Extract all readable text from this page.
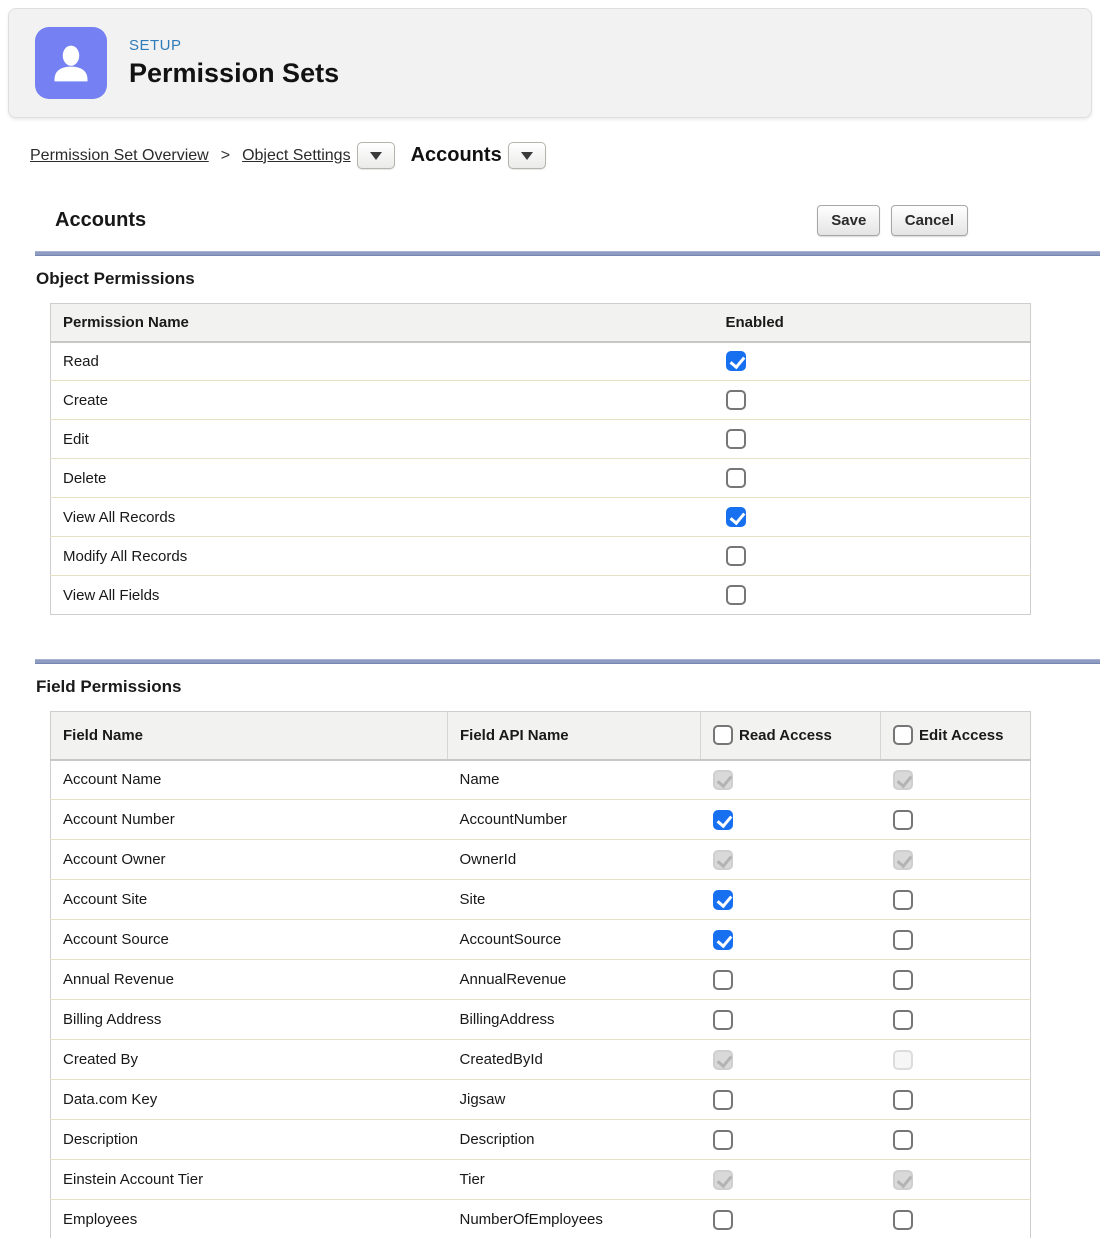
SETUP
Permission Sets
Permission Set Overview > Object Settings	Accounts
Accounts	Save	Cancel
Object Permissions
Permission Name	Enabled
Read	
Create	
Edit	
Delete	
View All Records	
Modify All Records	
View All Fields	
Field Permissions
Field Name	Field API Name	Read Access	Edit Access

Account Name	Name		
Account Number	AccountNumber		
Account Owner	OwnerId		
Account Site	Site		
Account Source	AccountSource		
Annual Revenue	AnnualRevenue		
Billing Address	BillingAddress		
Created By	CreatedById		
Data.com Key	Jigsaw		
Description	Description		
Einstein Account Tier	Tier		
Employees	NumberOfEmployees		
